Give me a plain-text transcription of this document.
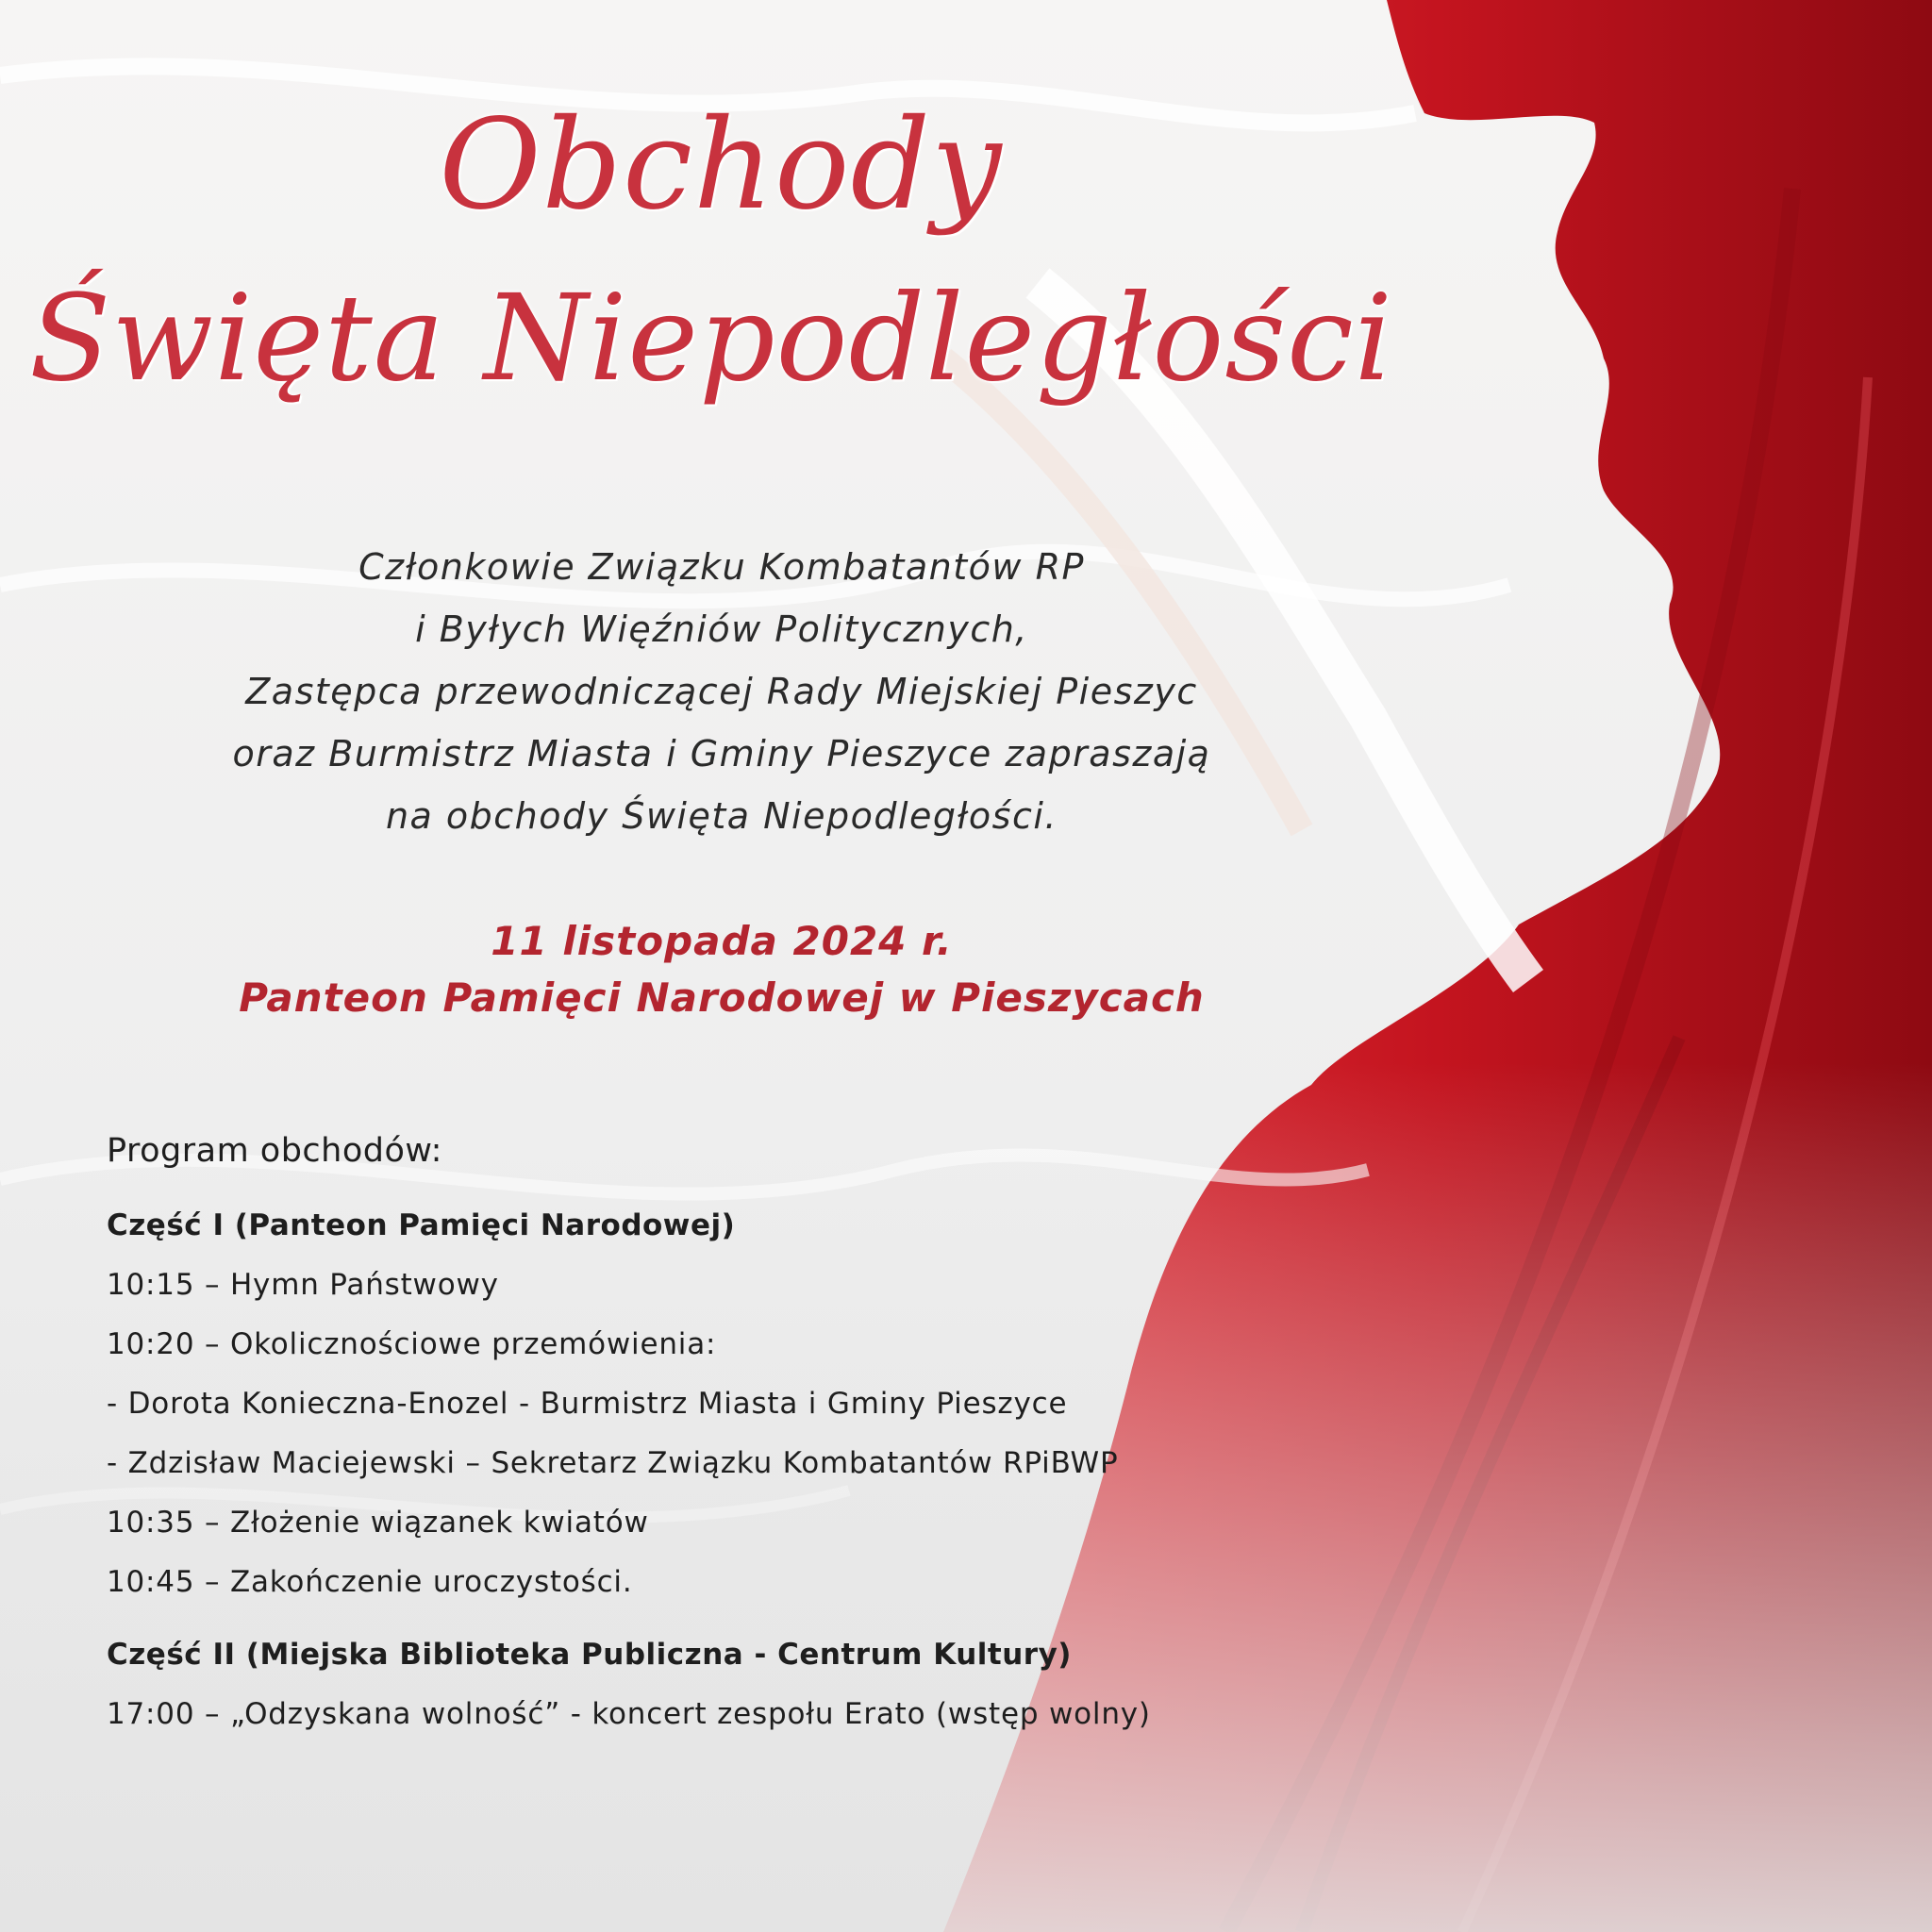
Obchody
Święta Niepodległości
Członkowie Związku Kombatantów RP
i Byłych Więźniów Politycznych,
Zastępca przewodniczącej Rady Miejskiej Pieszyc
oraz Burmistrz Miasta i Gminy Pieszyce zapraszają
na obchody Święta Niepodległości.
11 listopada 2024 r.
Panteon Pamięci Narodowej w Pieszycach
Program obchodów:
Część I (Panteon Pamięci Narodowej)
10:15 – Hymn Państwowy
10:20 – Okolicznościowe przemówienia:
- Dorota Konieczna-Enozel - Burmistrz Miasta i Gminy Pieszyce
- Zdzisław Maciejewski – Sekretarz Związku Kombatantów RPiBWP
10:35 – Złożenie wiązanek kwiatów
10:45 – Zakończenie uroczystości.
Część II (Miejska Biblioteka Publiczna - Centrum Kultury)
17:00 – „Odzyskana wolność” - koncert zespołu Erato (wstęp wolny)
